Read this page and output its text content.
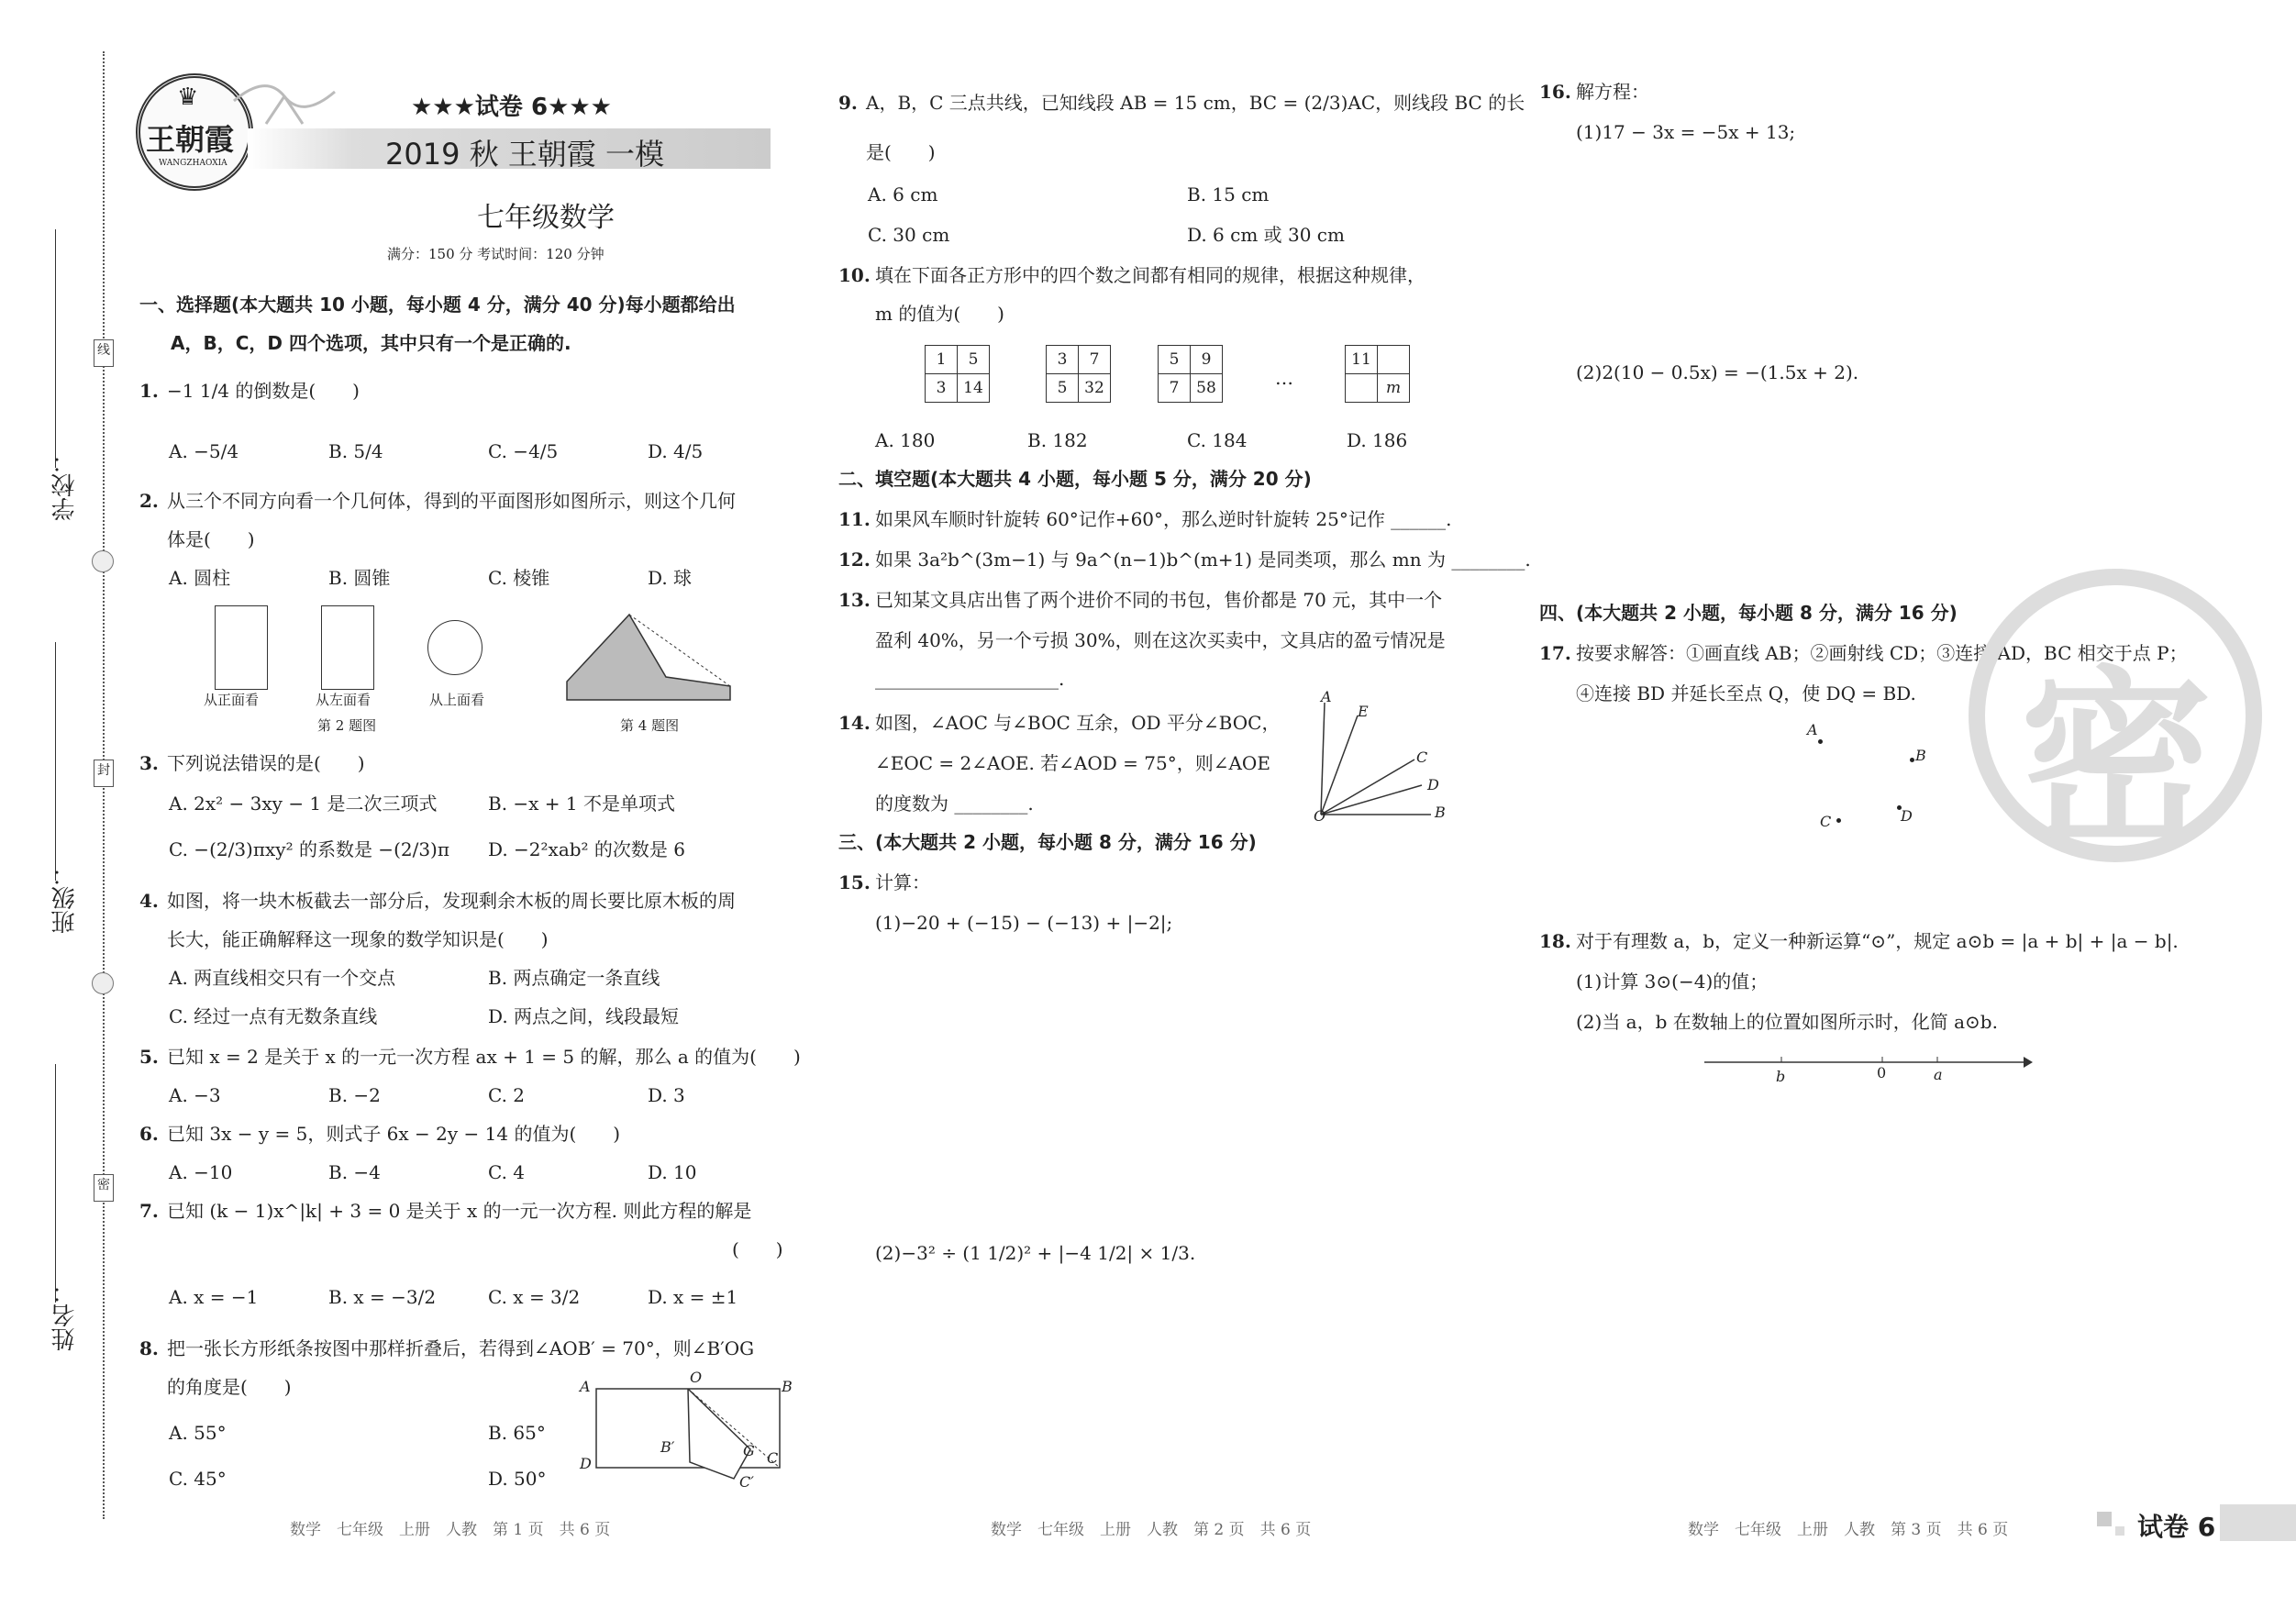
学校：
班级：
姓名：
线
封
密
♛
王朝霞
WANGZHAOXIA
★★★试卷 6★★★
2019 秋 王朝霞 一模
七年级数学
满分：150 分 考试时间：120 分钟
一、选择题(本大题共 10 小题，每小题 4 分，满分 40 分)每小题都给出
A，B，C，D 四个选项，其中只有一个是正确的.
1. −1 1/4 的倒数是(　　)
A. −5/4	B. 5/4	C. −4/5	D. 4/5
2. 从三个不同方向看一个几何体，得到的平面图形如图所示，则这个几何
体是(　　)
A. 圆柱	B. 圆锥	C. 棱锥	D. 球
从正面看	从左面看	从上面看
第 2 题图	第 4 题图
3. 下列说法错误的是(　　)
A. 2x² − 3xy − 1 是二次三项式	B. −x + 1 不是单项式
C. −(2/3)πxy² 的系数是 −(2/3)π D. −2²xab² 的次数是 6
4. 如图，将一块木板截去一部分后，发现剩余木板的周长要比原木板的周
长大，能正确解释这一现象的数学知识是(　　)
A. 两直线相交只有一个交点	B. 两点确定一条直线
C. 经过一点有无数条直线	D. 两点之间，线段最短
5. 已知 x = 2 是关于 x 的一元一次方程 ax + 1 = 5 的解，那么 a 的值为(　　)
A. −3	B. −2	C. 2	D. 3
6. 已知 3x − y = 5，则式子 6x − 2y − 14 的值为(　　)
A. −10	B. −4	C. 4	D. 10
7. 已知 (k − 1)x^|k| + 3 = 0 是关于 x 的一元一次方程. 则此方程的解是
(　　)
A. x = −1	B. x = −3/2	C. x = 3/2	D. x = ±1
8. 把一张长方形纸条按图中那样折叠后，若得到∠AOB′ = 70°，则∠B′OG
的角度是(　　)
A. 55°	B. 65°
C. 45°	D. 50°
A
O
B
D
B′	G C
C′
9. A，B，C 三点共线，已知线段 AB = 15 cm，BC = (2/3)AC，则线段 BC 的长
是(　　)
A. 6 cm	B. 15 cm
C. 30 cm	D. 6 cm 或 30 cm
10. 填在下面各正方形中的四个数之间都有相同的规律，根据这种规律，
m 的值为(　　)
1	5
3	14
3	7
5	32
5	9
7	58	…
11	
	m
A. 180	B. 182	C. 184	D. 186
二、填空题(本大题共 4 小题，每小题 5 分，满分 20 分)
11. 如果风车顺时针旋转 60°记作+60°，那么逆时针旋转 25°记作 ______.
12. 如果 3a²b^(3m−1) 与 9a^(n−1)b^(m+1) 是同类项，那么 mn 为 ________.
13. 已知某文具店出售了两个进价不同的书包，售价都是 70 元，其中一个
盈利 40%，另一个亏损 30%，则在这次买卖中，文具店的盈亏情况是
____________________.
14. 如图，∠AOC 与∠BOC 互余，OD 平分∠BOC，
∠EOC = 2∠AOE. 若∠AOD = 75°，则∠AOE
的度数为 ________.
A
E
C
D
B
O
三、(本大题共 2 小题，每小题 8 分，满分 16 分)
15. 计算：
(1)−20 + (−15) − (−13) + |−2|;
(2)−3² ÷ (1 1/2)² + |−4 1/2| × 1/3.
16. 解方程：
(1)17 − 3x = −5x + 13;
(2)2(10 − 0.5x) = −(1.5x + 2).
四、(本大题共 2 小题，每小题 8 分，满分 16 分)
17. 按要求解答：①画直线 AB；②画射线 CD；③连接 AD，BC 相交于点 P；
④连接 BD 并延长至点 Q，使 DQ = BD.
A
B
C	D
18. 对于有理数 a，b，定义一种新运算“⊙”，规定 a⊙b = |a + b| + |a − b|.
(1)计算 3⊙(−4)的值；
(2)当 a，b 在数轴上的位置如图所示时，化简 a⊙b.
b	0	a
密
数学　七年级　上册　人教　第 1 页　共 6 页	数学　七年级　上册　人教　第 2 页　共 6 页	数学　七年级　上册　人教　第 3 页　共 6 页	试卷 6
